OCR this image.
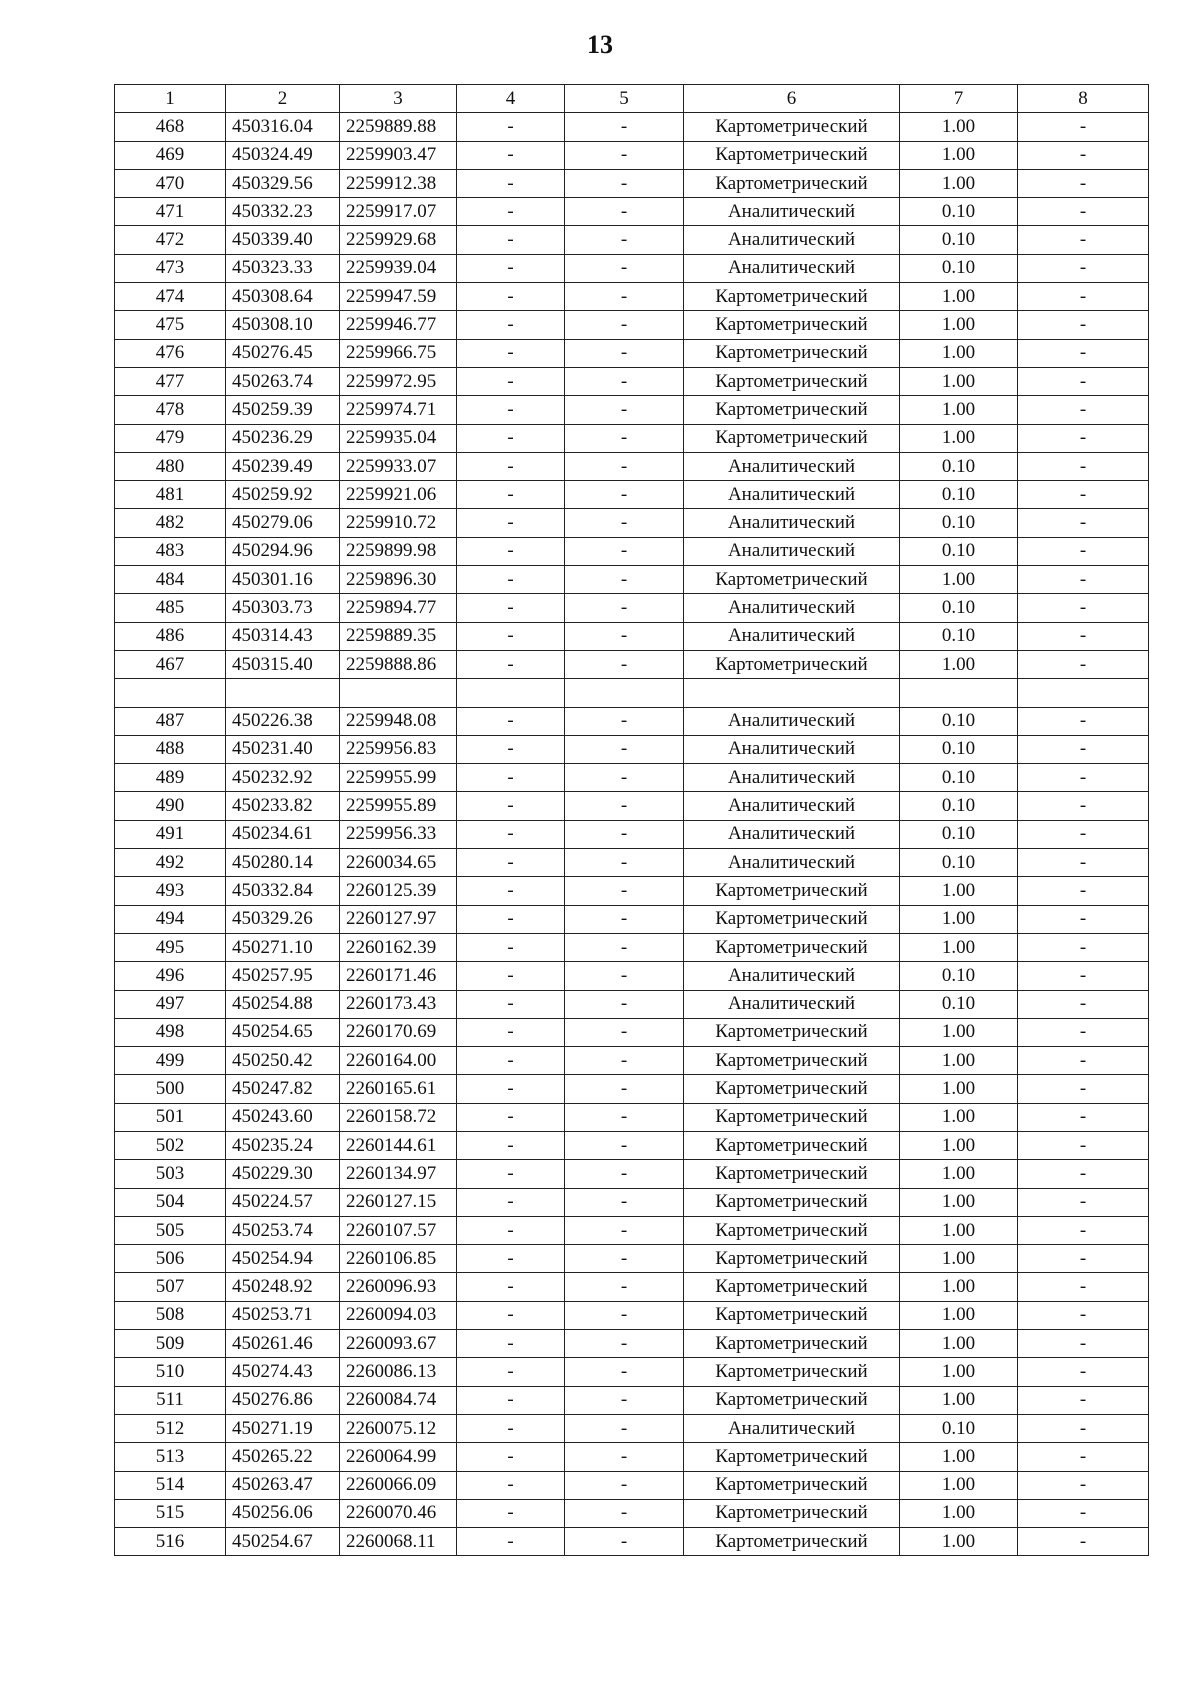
13
1	2	3	4	5	6	7	8
468	450316.04	2259889.88	-	-	Картометрический	1.00	-
469	450324.49	2259903.47	-	-	Картометрический	1.00	-
470	450329.56	2259912.38	-	-	Картометрический	1.00	-
471	450332.23	2259917.07	-	-	Аналитический	0.10	-
472	450339.40	2259929.68	-	-	Аналитический	0.10	-
473	450323.33	2259939.04	-	-	Аналитический	0.10	-
474	450308.64	2259947.59	-	-	Картометрический	1.00	-
475	450308.10	2259946.77	-	-	Картометрический	1.00	-
476	450276.45	2259966.75	-	-	Картометрический	1.00	-
477	450263.74	2259972.95	-	-	Картометрический	1.00	-
478	450259.39	2259974.71	-	-	Картометрический	1.00	-
479	450236.29	2259935.04	-	-	Картометрический	1.00	-
480	450239.49	2259933.07	-	-	Аналитический	0.10	-
481	450259.92	2259921.06	-	-	Аналитический	0.10	-
482	450279.06	2259910.72	-	-	Аналитический	0.10	-
483	450294.96	2259899.98	-	-	Аналитический	0.10	-
484	450301.16	2259896.30	-	-	Картометрический	1.00	-
485	450303.73	2259894.77	-	-	Аналитический	0.10	-
486	450314.43	2259889.35	-	-	Аналитический	0.10	-
467	450315.40	2259888.86	-	-	Картометрический	1.00	-

487	450226.38	2259948.08	-	-	Аналитический	0.10	-
488	450231.40	2259956.83	-	-	Аналитический	0.10	-
489	450232.92	2259955.99	-	-	Аналитический	0.10	-
490	450233.82	2259955.89	-	-	Аналитический	0.10	-
491	450234.61	2259956.33	-	-	Аналитический	0.10	-
492	450280.14	2260034.65	-	-	Аналитический	0.10	-
493	450332.84	2260125.39	-	-	Картометрический	1.00	-
494	450329.26	2260127.97	-	-	Картометрический	1.00	-
495	450271.10	2260162.39	-	-	Картометрический	1.00	-
496	450257.95	2260171.46	-	-	Аналитический	0.10	-
497	450254.88	2260173.43	-	-	Аналитический	0.10	-
498	450254.65	2260170.69	-	-	Картометрический	1.00	-
499	450250.42	2260164.00	-	-	Картометрический	1.00	-
500	450247.82	2260165.61	-	-	Картометрический	1.00	-
501	450243.60	2260158.72	-	-	Картометрический	1.00	-
502	450235.24	2260144.61	-	-	Картометрический	1.00	-
503	450229.30	2260134.97	-	-	Картометрический	1.00	-
504	450224.57	2260127.15	-	-	Картометрический	1.00	-
505	450253.74	2260107.57	-	-	Картометрический	1.00	-
506	450254.94	2260106.85	-	-	Картометрический	1.00	-
507	450248.92	2260096.93	-	-	Картометрический	1.00	-
508	450253.71	2260094.03	-	-	Картометрический	1.00	-
509	450261.46	2260093.67	-	-	Картометрический	1.00	-
510	450274.43	2260086.13	-	-	Картометрический	1.00	-
511	450276.86	2260084.74	-	-	Картометрический	1.00	-
512	450271.19	2260075.12	-	-	Аналитический	0.10	-
513	450265.22	2260064.99	-	-	Картометрический	1.00	-
514	450263.47	2260066.09	-	-	Картометрический	1.00	-
515	450256.06	2260070.46	-	-	Картометрический	1.00	-
516	450254.67	2260068.11	-	-	Картометрический	1.00	-
